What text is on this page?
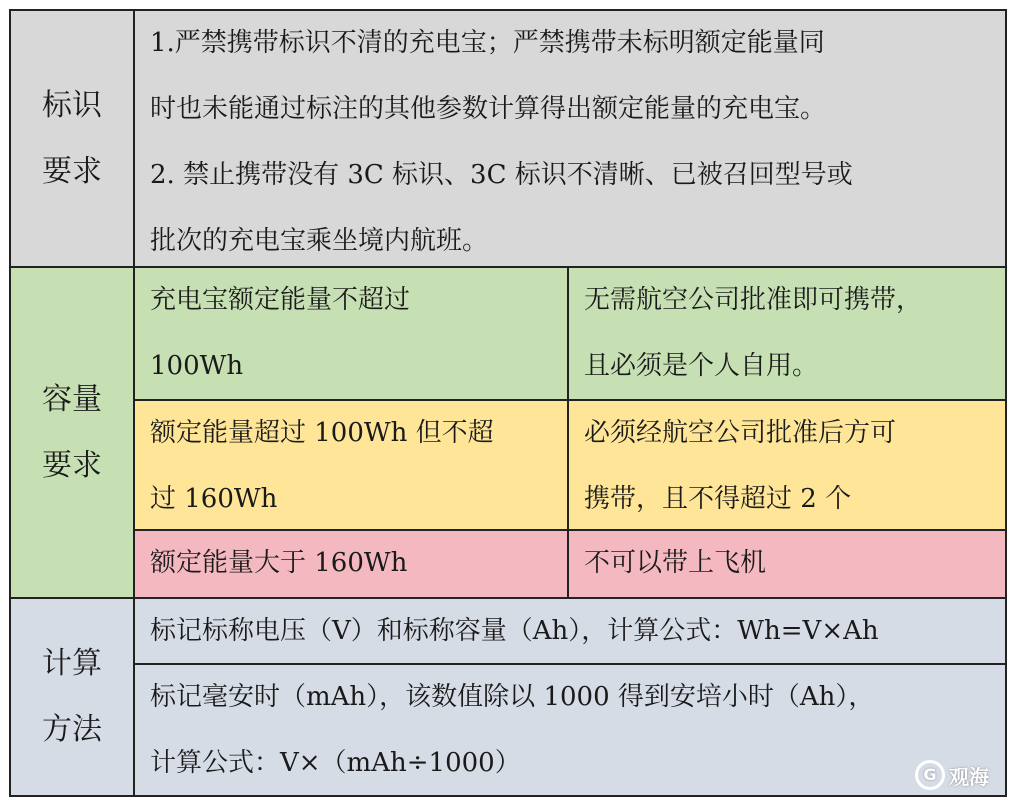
标识
要求
1.严禁携带标识不清的充电宝；严禁携带未标明额定能量同
时也未能通过标注的其他参数计算得出额定能量的充电宝。
2. 禁止携带没有 3C 标识、3C 标识不清晰、已被召回型号或
批次的充电宝乘坐境内航班。
容量
要求
充电宝额定能量不超过
100Wh
无需航空公司批准即可携带，
且必须是个人自用。
额定能量超过 100Wh 但不超
过 160Wh
必须经航空公司批准后方可
携带，且不得超过 2 个
额定能量大于 160Wh	不可以带上飞机
计算
方法
标记标称电压（V）和标称容量（Ah），计算公式：Wh=V×Ah
标记毫安时（mAh），该数值除以 1000 得到安培小时（Ah），
计算公式：V×（mAh÷1000）	G 观海
